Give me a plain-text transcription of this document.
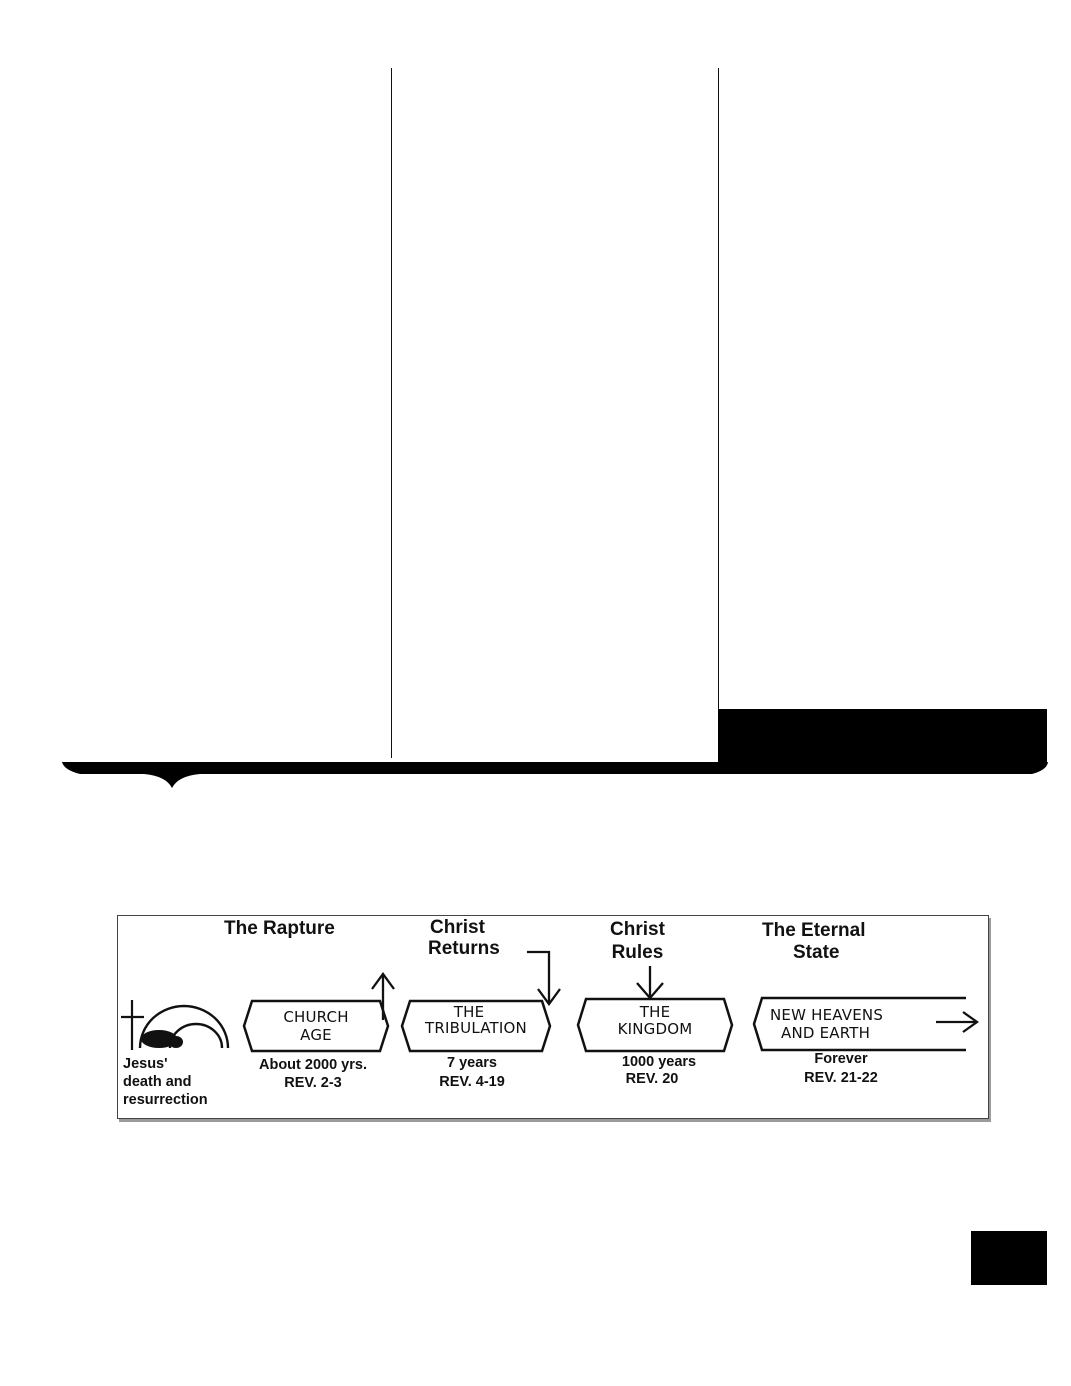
The Rapture	Christ
Returns
Christ
Rules
The Eternal
State
Jesus'
death and
resurrection
CHURCH
AGE
THE
TRIBULATION
THE
KINGDOM
NEW HEAVENS
AND EARTH
About 2000 yrs.
REV. 2-3
7 years
REV. 4-19
1000 years
REV. 20
Forever
REV. 21-22
